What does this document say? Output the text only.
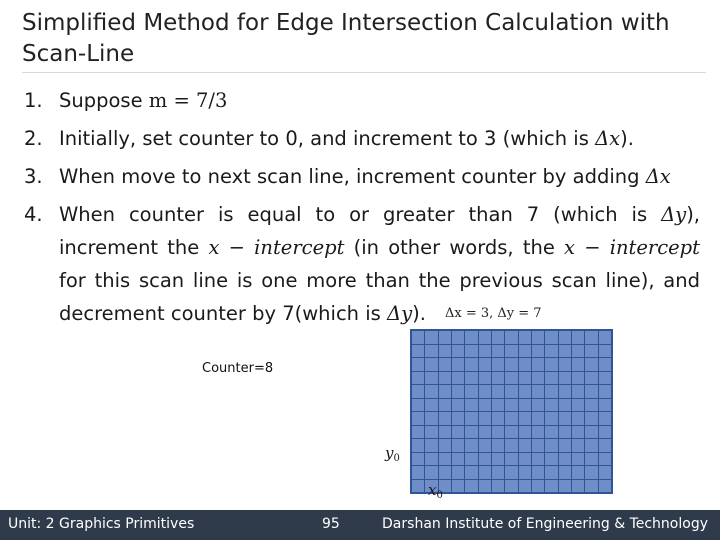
Simplified Method for Edge Intersection Calculation with Scan-Line
1. Suppose m = 7/3
2. Initially, set counter to 0, and increment to 3 (which is Δx).
3. When move to next scan line, increment counter by adding Δx
4. When counter is equal to or greater than 7 (which is Δy), increment the x − intercept (in other words, the x − intercept for this scan line is one more than the previous scan line), and decrement counter by 7(which is Δy).
Counter=8
Δx = 3, Δy = 7
$y_0$
$x_0$
Unit: 2 Graphics Primitives	95	Darshan Institute of Engineering & Technology
